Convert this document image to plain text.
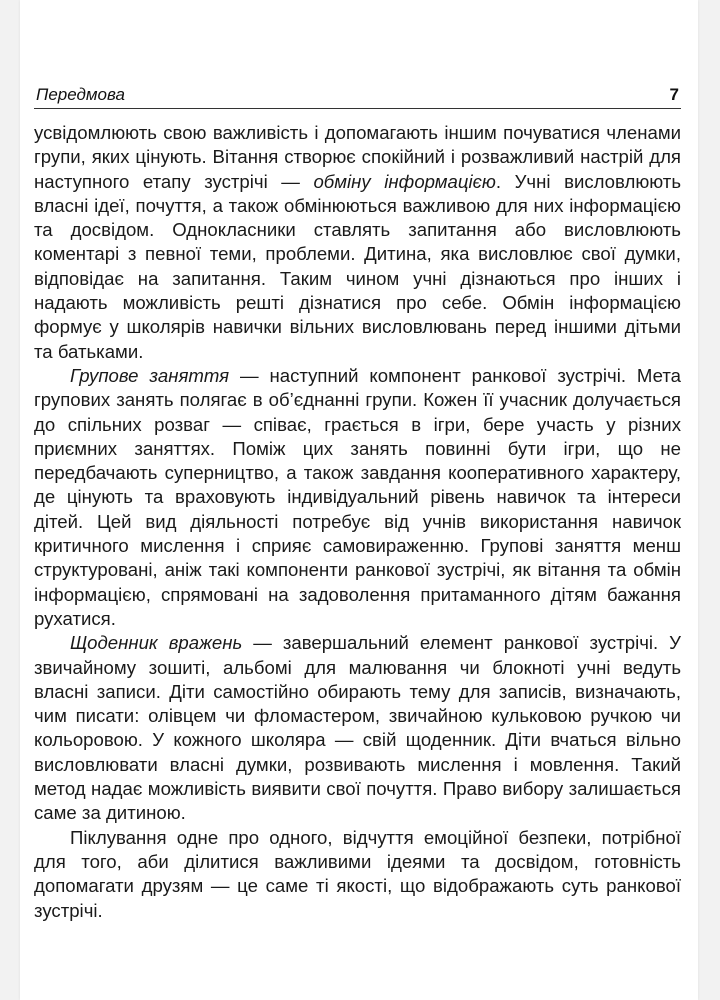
Передмова	7

усвідомлюють свою важливість і допомагають іншим почуватися членами групи, яких цінують. Вітання створює спокійний і розважливий настрій для наступного етапу зустрічі — обміну інформацією. Учні висловлюють власні ідеї, почуття, а також обмінюються важливою для них інформацією та досвідом. Однокласники ставлять запитання або висловлюють коментарі з певної теми, проблеми. Дитина, яка висловлює свої думки, відповідає на запитання. Таким чином учні дізнаються про інших і надають можливість решті дізнатися про себе. Обмін інформацією формує у школярів навички вільних висловлювань перед іншими дітьми та батьками.

Групове заняття — наступний компонент ранкової зустрічі. Мета групових занять полягає в об’єднанні групи. Кожен її учасник долучається до спільних розваг — співає, грається в ігри, бере участь у різних приємних заняттях. Поміж цих занять повинні бути ігри, що не передбачають суперництво, а також завдання кооперативного характеру, де цінують та враховують індивідуальний рівень навичок та інтереси дітей. Цей вид діяльності потребує від учнів використання навичок критичного мислення і сприяє самовираженню. Групові заняття менш структуровані, аніж такі компоненти ранкової зустрічі, як вітання та обмін інформацією, спрямовані на задоволення притаманного дітям бажання рухатися.

Щоденник вражень — завершальний елемент ранкової зустрічі. У звичайному зошиті, альбомі для малювання чи блокноті учні ведуть власні записи. Діти самостійно обирають тему для записів, визначають, чим писати: олівцем чи фломастером, звичайною кульковою ручкою чи кольоровою. У кожного школяра — свій щоденник. Діти вчаться вільно висловлювати власні думки, розвивають мислення і мовлення. Такий метод надає можливість виявити свої почуття. Право вибору залишається саме за дитиною.

Піклування одне про одного, відчуття емоційної безпеки, потрібної для того, аби ділитися важливими ідеями та досвідом, готовність допомагати друзям — це саме ті якості, що відображають суть ранкової зустрічі.
